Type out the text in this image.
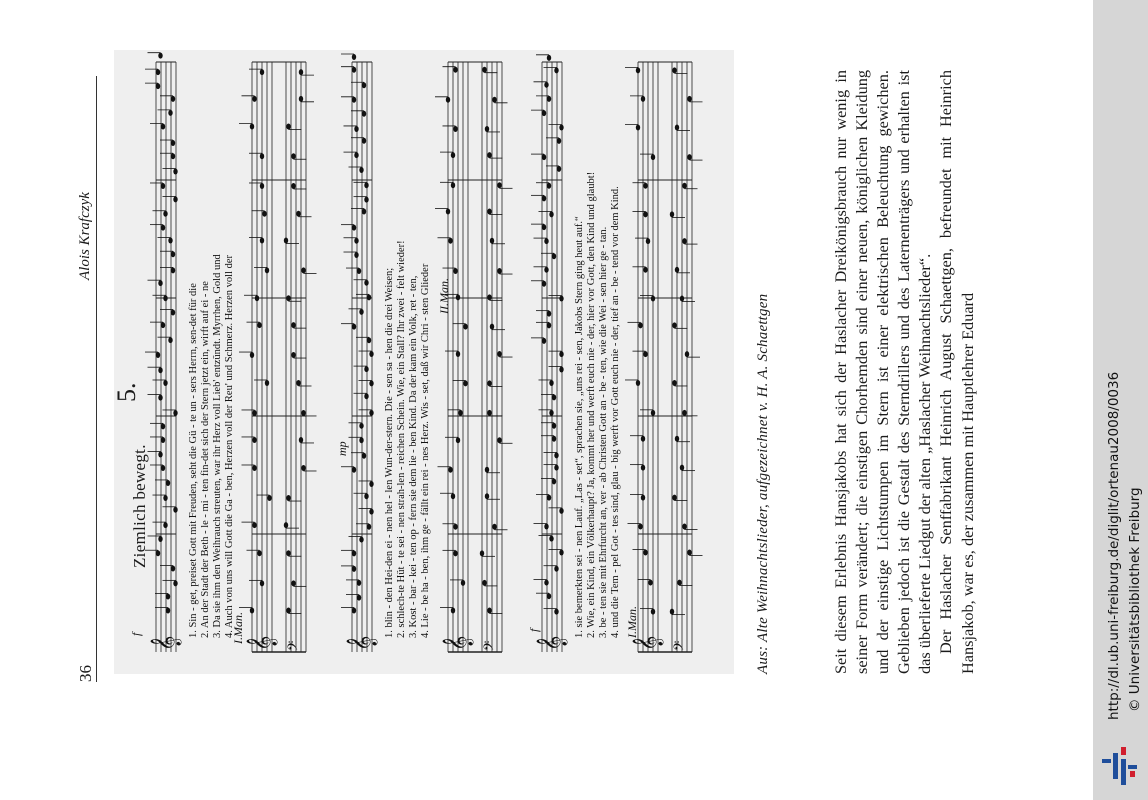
http://dl.ub.uni-freiburg.de/diglit/ortenau2008/0036 © Universitätsbibliothek Freiburg
36
Alois Krafczyk
1. Sin - get, preiset Gott mit Freuden, seht die Gü - te un - sers Herrn, sen-det für die 2. An der Stadt der Beth - le - mi - ten fin-det sich der Stern jetzt ein, wirft auf ei - ne 3. Da sie ihm den Weihrauch streuten, war ihr Herz voll Lieb' entzündt. Myrrhen, Gold und 4. Auch von uns will Gott die Ga - ben, Herzen voll der Reu' und Schmerz. Herzen voll der
𝄞	𝄞 𝄢
1. blin - den Hei-den ei - nen hel - len Wun-der-stern. Die - sen sa - hen die drei Weisen; 2. schlech-te Hüt - te sei - nen strah-len - reichen Schein. Wie, ein Stall? Ihr zwei - felt wieder! 3. Kost - bar - kei - ten op - fern sie dem lie - ben Kind. Da der kam ein Volk, ret - ten, 4. Lie - be ha - ben, ihm ge - fällt ein rei - nes Herz. Wis - set, daß wir Chri - sten Glieder
𝄞	𝄞 𝄢
1. sie bemerkten sei - nen Lauf. „Las - set“, sprachen sie, „uns rei - sen, Jakobs Stern ging heut auf.“ 2. Wie, ein Kind, ein Völkerhaupt? Ja, kommt her und werft euch nie - der, hier vor Gott, den Kind und glaubt! 3. be - ten sie mit Ehrfurcht an, ver - ab Christen Gott an - be - ten, wie die Wei - sen hier ge - tan. 4. und die Tem - pel Got - tes sind, glau - big werft vor Gott euch nie - der, tief an - be - tend vor dem Kind.
𝄞	𝄞 𝄢
f
mp
f
I.Man.
II.Man.
I.Man.
5.
Ziemlich bewegt.	Aus: Alte Weihnachtslieder, aufgezeichnet v. H. A. Schaettgen	Seit diesem Erlebnis Hansjakobs hat sich der Haslacher Dreikönigsbrauch nur wenig in seiner Form verändert; die einstigen Chorhemden sind einer neuen, königlichen Kleidung und der einstige Lichtstumpen im Stern ist einer elektrischen Beleuchtung gewichen. Geblieben jedoch ist die Gestalt des Sterndrillers und des Laternenträgers und erhalten ist das überlieferte Liedgut der alten „Haslacher Weihnachtslieder“. Der Haslacher Senffabrikant Heinrich August Schaettgen, befreundet mit Heinrich Hansjakob, war es, der zusammen mit Hauptlehrer Eduard
